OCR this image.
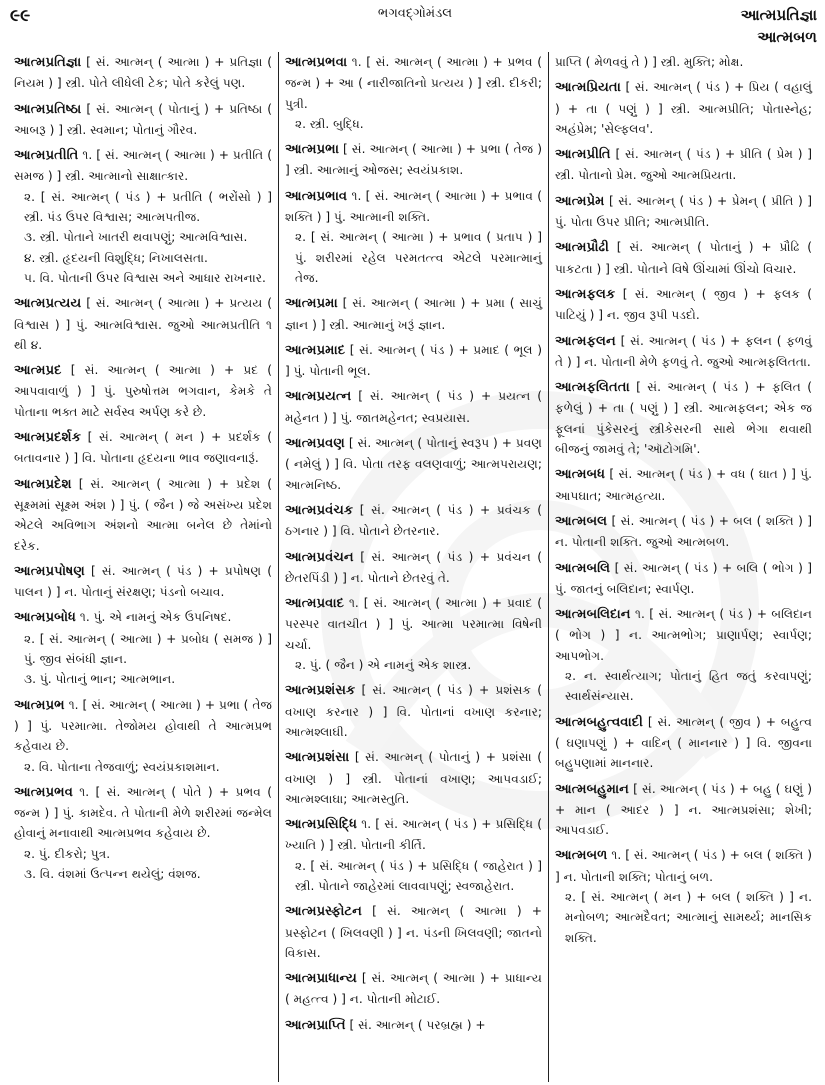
૯૯	ભગવદ્ગોમંડલ	આત્મપ્રતિજ્ઞા
આત્મબળ
આત્મપ્રતિજ્ઞા [ સં. આત્મન્ ( આત્મા ) + પ્રતિજ્ઞા ( નિયમ ) ] સ્ત્રી. પોતે લીધેલી ટેક; પોતે કરેલું પણ.
આત્મપ્રતિષ્ઠા [ સં. આત્મન્ ( પોતાનું ) + પ્રતિષ્ઠા ( આબરૂ ) ] સ્ત્રી. સ્વમાન; પોતાનું ગૌરવ.
આત્મપ્રતીતિ ૧. [ સં. આત્મન્ ( આત્મા ) + પ્રતીતિ ( સમજ ) ] સ્ત્રી. આત્માનો સાક્ષાત્કાર.
૨. [ સં. આત્મન્ ( પંડ ) + પ્રતીતિ ( ભરોંસો ) ] સ્ત્રી. પંડ ઉપર વિશ્વાસ; આત્મપતીજ.
૩. સ્ત્રી. પોતાને ખાતરી થવાપણું; આત્મવિશ્વાસ.
૪. સ્ત્રી. હૃદયની વિશુદ્ધિ; નિખાલસતા.
૫. વિ. પોતાની ઉપર વિશ્વાસ અને આધાર રાખનાર.
આત્મપ્રત્યય [ સં. આત્મન્ ( આત્મા ) + પ્રત્યય ( વિશ્વાસ ) ] પું. આત્મવિશ્વાસ. જુઓ આત્મપ્રતીતિ ૧ થી ૪.
આત્મપ્રદ [ સં. આત્મન્ ( આત્મા ) + પ્રદ ( આપવાવાળું ) ] પું. પુરુષોત્તમ ભગવાન, કેમકે તે પોતાના ભક્ત માટે સર્વસ્વ અર્પણ કરે છે.
આત્મપ્રદર્શક [ સં. આત્મન્ ( મન ) + પ્રદર્શક ( બતાવનાર ) ] વિ. પોતાના હૃદયના ભાવ જણાવનારૂં.
આત્મપ્રદેશ [ સં. આત્મન્ ( આત્મા ) + પ્રદેશ ( સૂક્ષ્મમાં સૂક્ષ્મ અંશ ) ] પું. ( જૈન ) જે અસંખ્ય પ્રદેશ એટલે અવિભાગ અંશનો આત્મા બનેલ છે તેમાંનો દરેક.
આત્મપ્રપોષણ [ સં. આત્મન્ ( પંડ ) + પ્રપોષણ ( પાલન ) ] ન. પોતાનું સંરક્ષણ; પંડનો બચાવ.
આત્મપ્રબોધ ૧. પું. એ નામનું એક ઉપનિષદ.
૨. [ સં. આત્મન્ ( આત્મા ) + પ્રબોધ ( સમજ ) ] પું. જીવ સંબંધી જ્ઞાન.
૩. પું. પોતાનું ભાન; આત્મભાન.
આત્મપ્રભ ૧. [ સં. આત્મન્ ( આત્મા ) + પ્રભા ( તેજ ) ] પું. પરમાત્મા. તેજોમય હોવાથી તે આત્મપ્રભ કહેવાય છે.
૨. વિ. પોતાના તેજવાળું; સ્વયંપ્રકાશમાન.
આત્મપ્રભવ ૧. [ સં. આત્મન્ ( પોતે ) + પ્રભવ ( જન્મ ) ] પું. કામદેવ. તે પોતાની મેળે શરીરમાં જન્મેલ હોવાનું મનાવાથી આત્મપ્રભવ કહેવાય છે.
૨. પું. દીકરો; પુત્ર.
૩. વિ. વંશમાં ઉત્પન્ન થયેલું; વંશજ.
આત્મપ્રભવા ૧. [ સં. આત્મન્ ( આત્મા ) + પ્રભવ ( જન્મ ) + આ ( નારીજાતિનો પ્રત્યય ) ] સ્ત્રી. દીકરી; પુત્રી.
૨. સ્ત્રી. બુદ્ધિ.
આત્મપ્રભા [ સં. આત્મન્ ( આત્મા ) + પ્રભા ( તેજ ) ] સ્ત્રી. આત્માનું ઓજસ; સ્વયંપ્રકાશ.
આત્મપ્રભાવ ૧. [ સં. આત્મન્ ( આત્મા ) + પ્રભાવ ( શક્તિ ) ] પું. આત્માની શક્તિ.
૨. [ સં. આત્મન્ ( આત્મા ) + પ્રભાવ ( પ્રતાપ ) ] પું. શરીરમાં રહેલ પરમતત્ત્વ એટલે પરમાત્માનું તેજ.
આત્મપ્રમા [ સં. આત્મન્ ( આત્મા ) + પ્રમા ( સાચું જ્ઞાન ) ] સ્ત્રી. આત્માનું ખરૂં જ્ઞાન.
આત્મપ્રમાદ [ સં. આત્મન્ ( પંડ ) + પ્રમાદ ( ભૂલ ) ] પું. પોતાની ભૂલ.
આત્મપ્રયત્ન [ સં. આત્મન્ ( પંડ ) + પ્રયત્ન ( મહેનત ) ] પું. જાતમહેનત; સ્વપ્રયાસ.
આત્મપ્રવણ [ સં. આત્મન્ ( પોતાનું સ્વરૂપ ) + પ્રવણ ( નમેલું ) ] વિ. પોતા તરફ વલણવાળું; આત્મપરાયણ; આત્મનિષ્ઠ.
આત્મપ્રવંચક [ સં. આત્મન્ ( પંડ ) + પ્રવંચક ( ઠગનાર ) ] વિ. પોતાને છેતરનાર.
આત્મપ્રવંચન [ સં. આત્મન્ ( પંડ ) + પ્રવંચન ( છેતરપિંડી ) ] ન. પોતાને છેતરવું તે.
આત્મપ્રવાદ ૧. [ સં. આત્મન્ ( આત્મા ) + પ્રવાદ ( પરસ્પર વાતચીત ) ] પું. આત્મા પરમાત્મા વિષેની ચર્ચા.
૨. પું. ( જૈન ) એ નામનું એક શાસ્ત્ર.
આત્મપ્રશંસક [ સં. આત્મન્ ( પંડ ) + પ્રશંસક ( વખાણ કરનાર ) ] વિ. પોતાનાં વખાણ કરનાર; આત્મશ્લાઘી.
આત્મપ્રશંસા [ સં. આત્મન્ ( પોતાનું ) + પ્રશંસા ( વખાણ ) ] સ્ત્રી. પોતાનાં વખાણ; આપવડાઈ; આત્મશ્લાઘા; આત્મસ્તુતિ.
આત્મપ્રસિદ્ધિ ૧. [ સં. આત્મન્ ( પંડ ) + પ્રસિદ્ધિ ( ખ્યાતિ ) ] સ્ત્રી. પોતાની કીર્તિ.
૨. [ સં. આત્મન્ ( પંડ ) + પ્રસિદ્ધિ ( જાહેરાત ) ] સ્ત્રી. પોતાને જાહેરમાં લાવવાપણું; સ્વજાહેરાત.
આત્મપ્રસ્ફોટન [ સં. આત્મન્ ( આત્મા ) + પ્રસ્ફોટન ( ખિલવણી ) ] ન. પંડની ખિલવણી; જાતનો વિકાસ.
આત્મપ્રાધાન્ય [ સં. આત્મન્ ( આત્મા ) + પ્રાધાન્ય ( મહત્ત્વ ) ] ન. પોતાની મોટાઈ.
આત્મપ્રાપ્તિ [ સં. આત્મન્ ( પરબ્રહ્મ ) +
પ્રાપ્તિ ( મેળવવું તે ) ] સ્ત્રી. મુક્તિ; મોક્ષ.
આત્મપ્રિયતા [ સં. આત્મન્ ( પંડ ) + પ્રિય ( વહાલું ) + તા ( પણું ) ] સ્ત્રી. આત્મપ્રીતિ; પોતાસ્નેહ; અહંપ્રેમ; 'સેલ્ફલવ'.
આત્મપ્રીતિ [ સં. આત્મન્ ( પંડ ) + પ્રીતિ ( પ્રેમ ) ] સ્ત્રી. પોતાનો પ્રેમ. જુઓ આત્મપ્રિયતા.
આત્મપ્રેમ [ સં. આત્મન્ ( પંડ ) + પ્રેમન્ ( પ્રીતિ ) ] પું. પોતા ઉપર પ્રીતિ; આત્મપ્રીતિ.
આત્મપ્રૌઢી [ સં. આત્મન્ ( પોતાનું ) + પ્રૌઢિ ( પાકટતા ) ] સ્ત્રી. પોતાને વિષે ઊંચામાં ઊંચો વિચાર.
આત્મફલક [ સં. આત્મન્ ( જીવ ) + ફલક ( પાટિયું ) ] ન. જીવ રૂપી પડદો.
આત્મફલન [ સં. આત્મન્ ( પંડ ) + ફલન ( ફળવું તે ) ] ન. પોતાની મેળે ફળવું તે. જુઓ આત્મફલિતતા.
આત્મફલિતતા [ સં. આત્મન્ ( પંડ ) + ફલિત ( ફળેલું ) + તા ( પણું ) ] સ્ત્રી. આત્મફલન; એક જ ફૂલનાં પુંકેસરનું સ્ત્રીકેસરની સાથે ભેગા થવાથી બીજનું જામવું તે; 'ઑટોગમિ'.
આત્મબધ [ સં. આત્મન્ ( પંડ ) + વધ ( ઘાત ) ] પું. આપઘાત; આત્મહત્યા.
આત્મબલ [ સં. આત્મન્ ( પંડ ) + બલ ( શક્તિ ) ] ન. પોતાની શક્તિ. જુઓ આત્મબળ.
આત્મબલિ [ સં. આત્મન્ ( પંડ ) + બલિ ( ભોગ ) ] પું. જાતનું બલિદાન; સ્વાર્પણ.
આત્મબલિદાન ૧. [ સં. આત્મન્ ( પંડ ) + બલિદાન ( ભોગ ) ] ન. આત્મભોગ; પ્રાણાર્પણ; સ્વાર્પણ; આપભોગ.
૨. ન. સ્વાર્થત્યાગ; પોતાનું હિત જતું કરવાપણું; સ્વાર્થસંન્યાસ.
આત્મબહુત્વવાદી [ સં. આત્મન્ ( જીવ ) + બહુત્વ ( ઘણાપણું ) + વાદિન્ ( માનનાર ) ] વિ. જીવના બહુપણામાં માનનાર.
આત્મબહુમાન [ સં. આત્મન્ ( પંડ ) + બહુ ( ઘણું ) + માન ( આદર ) ] ન. આત્મપ્રશંસા; શેખી; આપવડાઈ.
આત્મબળ ૧. [ સં. આત્મન્ ( પંડ ) + બલ ( શક્તિ ) ] ન. પોતાની શક્તિ; પોતાનું બળ.
૨. [ સં. આત્મન્ ( મન ) + બલ ( શક્તિ ) ] ન. મનોબળ; આત્મદૈવત; આત્માનું સામર્થ્ય; માનસિક શક્તિ.
